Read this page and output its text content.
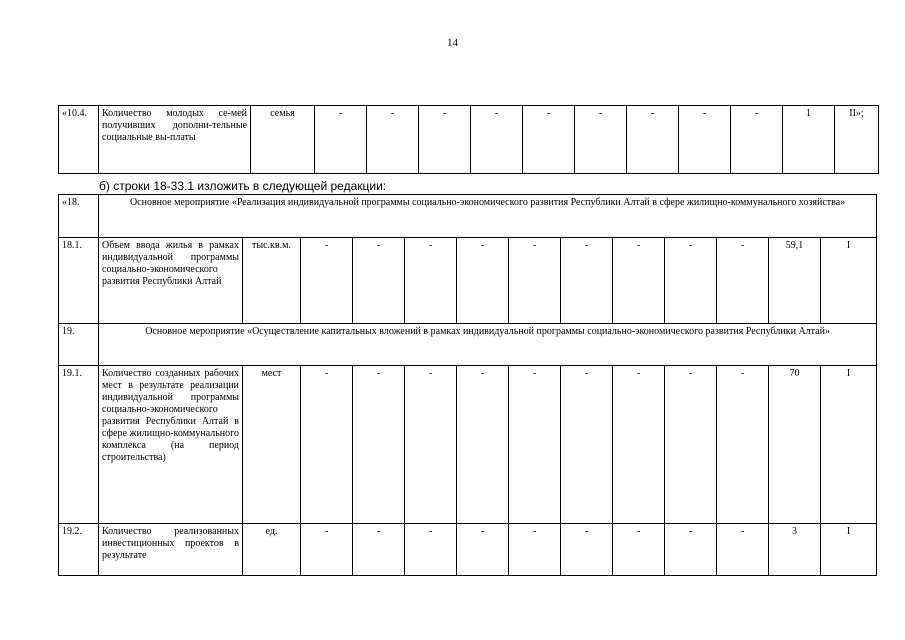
14
«10.4.	Количество молодых се-мей получивших дополни-тельные социальные вы-платы	семья	-	-	-	-	-	-	-	-	-	1	II»;
б) строки 18-33.1 изложить в следующей редакции:
«18.	Основное мероприятие «Реализация индивидуальной программы социально-экономического развития Республики Алтай в сфере жилищно-коммунального хозяйства»												
18.1.	Объем ввода жилья в рамках индивидуальной программы социально-экономического развития Республики Алтай	тыс.кв.м.	-	-	-	-	-	-	-	-	-	59,1	I
19.	Основное мероприятие «Осуществление капитальных вложений в рамках индивидуальной программы социально-экономического развития Республики Алтай»												
19.1.	Количество созданных рабочих мест в результате реализации индивидуальной программы социально-экономического развития Республики Алтай в сфере жилищно-коммунального комплекса (на период строительства)	мест	-	-	-	-	-	-	-	-	-	70	I
19.2.	Количество реализованных инвестиционных проектов в результате	ед.	-	-	-	-	-	-	-	-	-	3	I
